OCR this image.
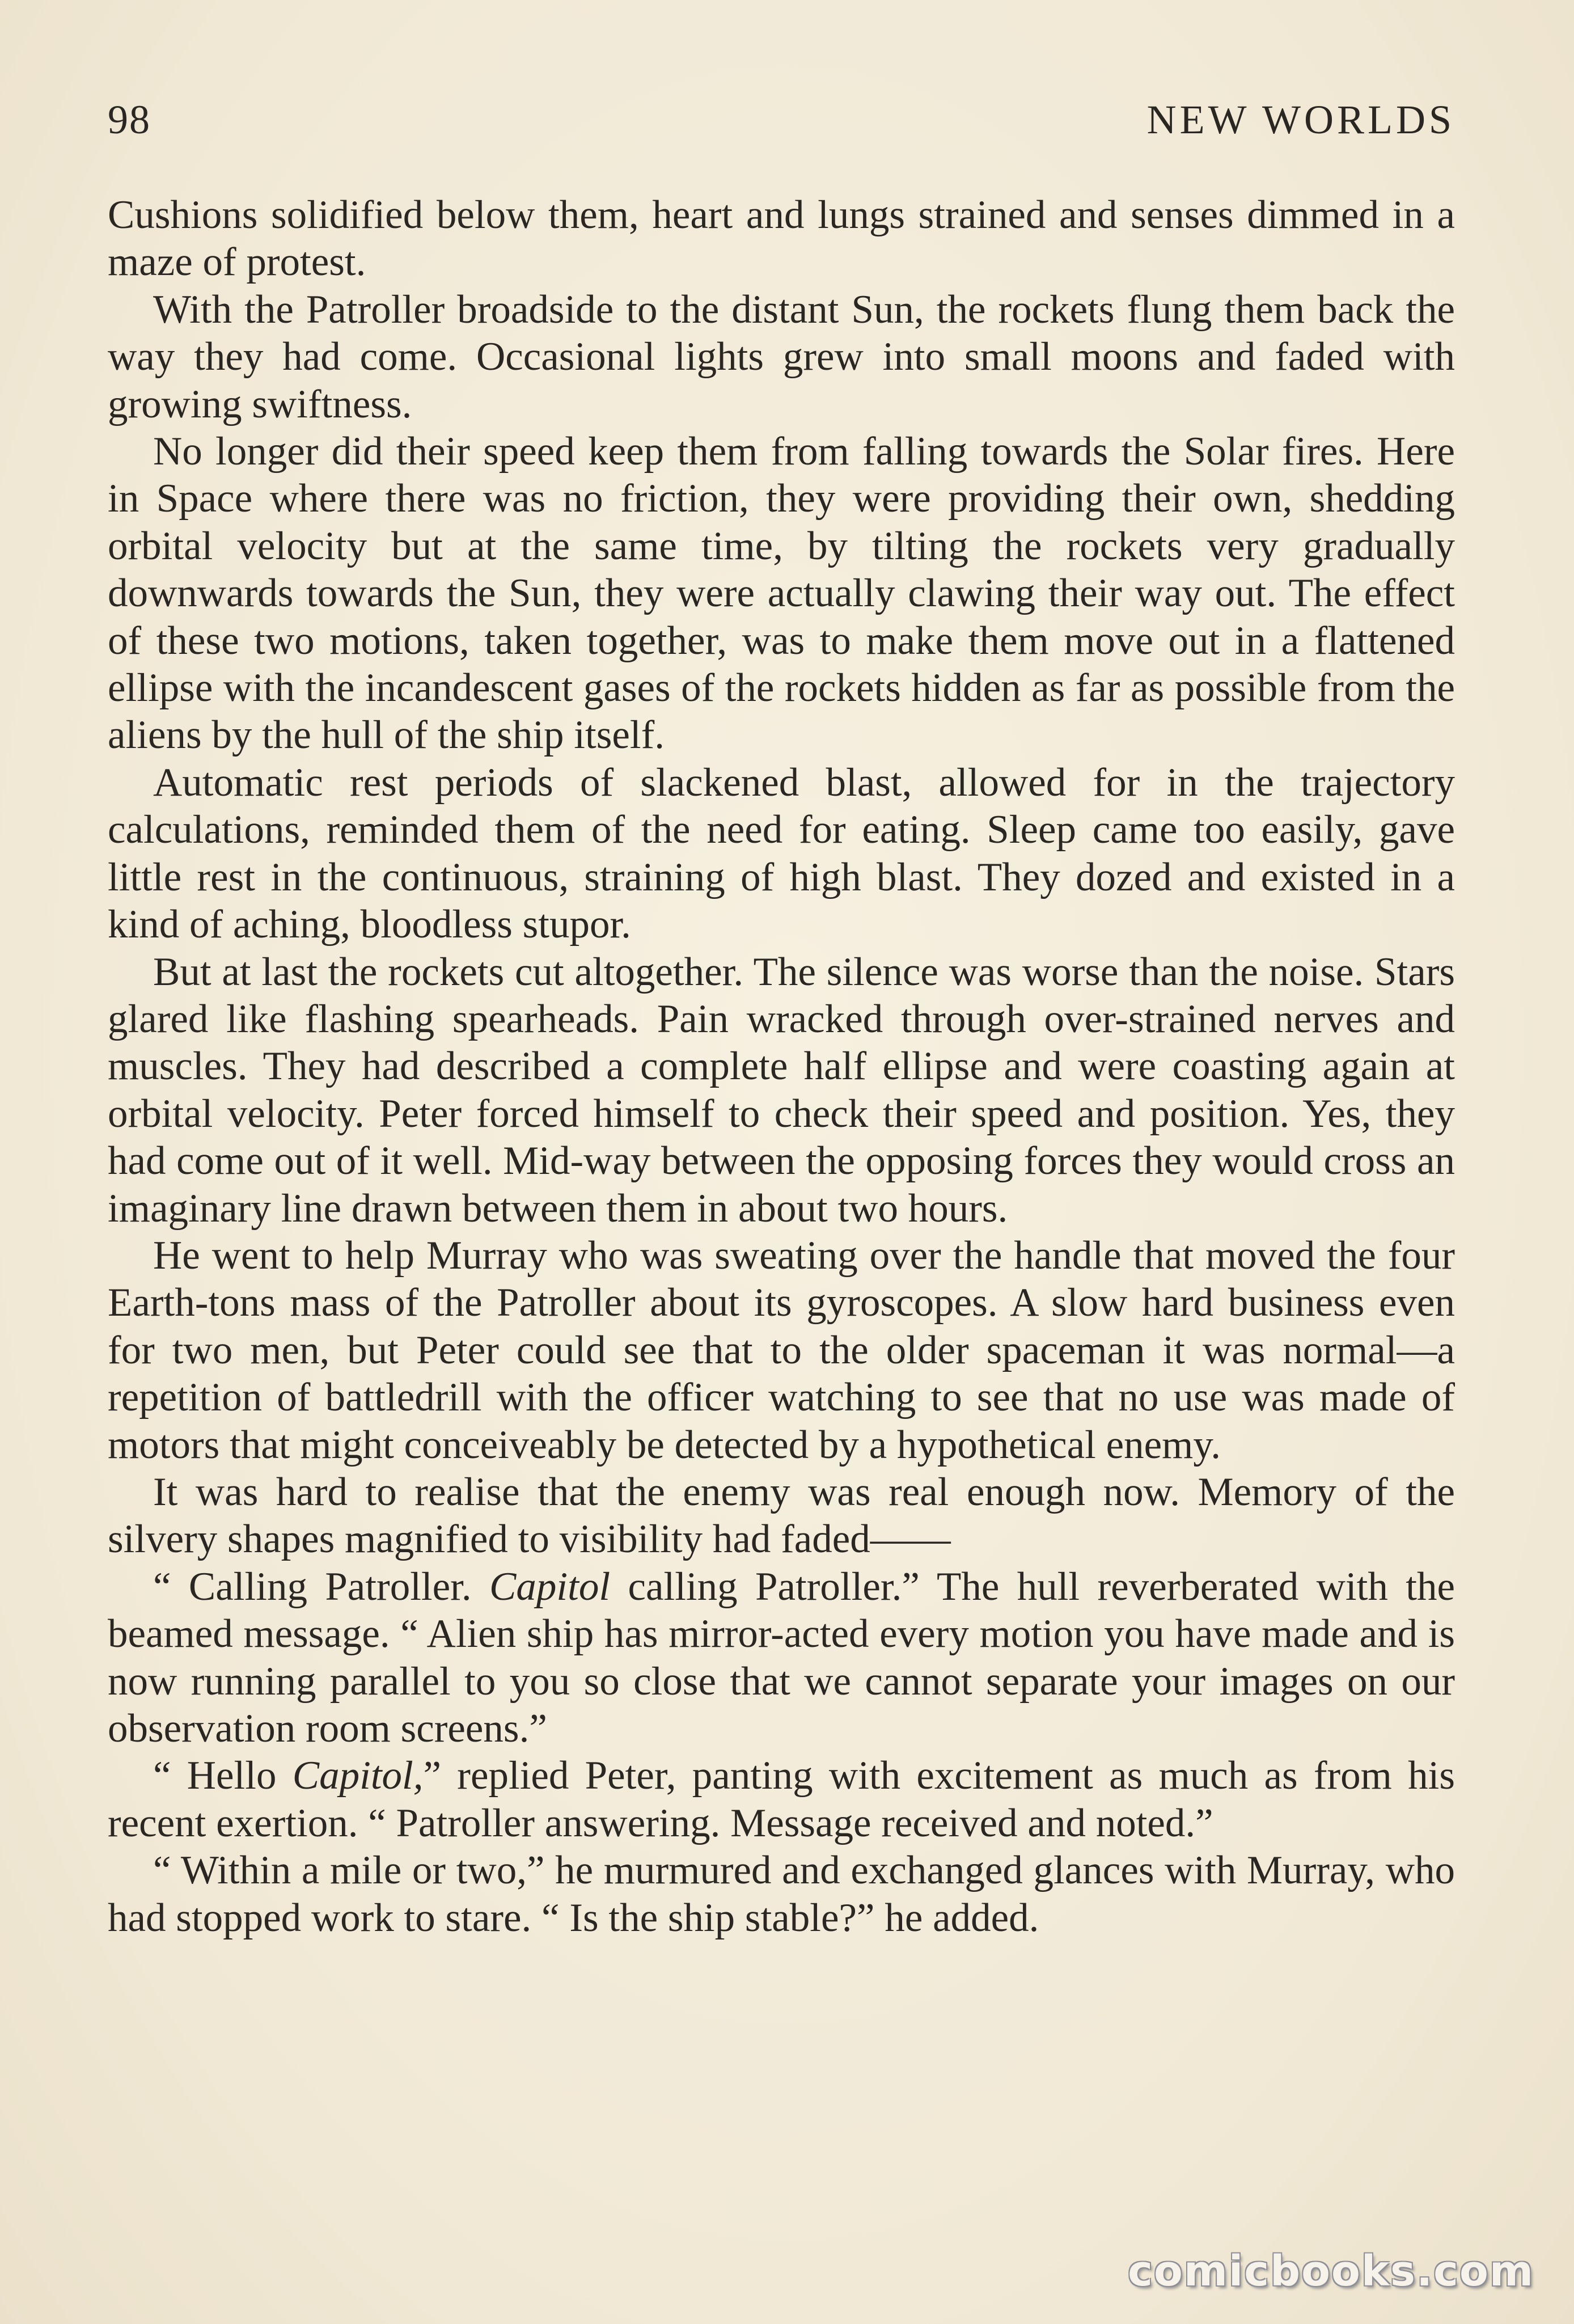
98	NEW WORLDS

Cushions solidified below them, heart and lungs strained and senses dimmed in a maze of protest.

With the Patroller broadside to the distant Sun, the rockets flung them back the way they had come. Occasional lights grew into small moons and faded with growing swiftness.

No longer did their speed keep them from falling towards the Solar fires. Here in Space where there was no friction, they were providing their own, shedding orbital velocity but at the same time, by tilting the rockets very gradually downwards towards the Sun, they were actually clawing their way out. The effect of these two motions, taken together, was to make them move out in a flattened ellipse with the incandescent gases of the rockets hidden as far as possible from the aliens by the hull of the ship itself.

Automatic rest periods of slackened blast, allowed for in the trajectory calculations, reminded them of the need for eating. Sleep came too easily, gave little rest in the continuous, straining of high blast. They dozed and existed in a kind of aching, bloodless stupor.

But at last the rockets cut altogether. The silence was worse than the noise. Stars glared like flashing spearheads. Pain wracked through over-strained nerves and muscles. They had described a complete half ellipse and were coasting again at orbital velocity. Peter forced himself to check their speed and position. Yes, they had come out of it well. Mid-way between the opposing forces they would cross an imaginary line drawn between them in about two hours.

He went to help Murray who was sweating over the handle that moved the four Earth-tons mass of the Patroller about its gyroscopes. A slow hard business even for two men, but Peter could see that to the older spaceman it was normal—a repetition of battledrill with the officer watching to see that no use was made of motors that might conceiveably be detected by a hypothetical enemy.

It was hard to realise that the enemy was real enough now. Memory of the silvery shapes magnified to visibility had faded——

“ Calling Patroller. Capitol calling Patroller.” The hull reverberated with the beamed message. “ Alien ship has mirror-acted every motion you have made and is now running parallel to you so close that we cannot separate your images on our observation room screens.”

“ Hello Capitol,” replied Peter, panting with excitement as much as from his recent exertion. “ Patroller answering. Message received and noted.”

“ Within a mile or two,” he murmured and exchanged glances with Murray, who had stopped work to stare. “ Is the ship stable?” he added.

comicbooks.com
